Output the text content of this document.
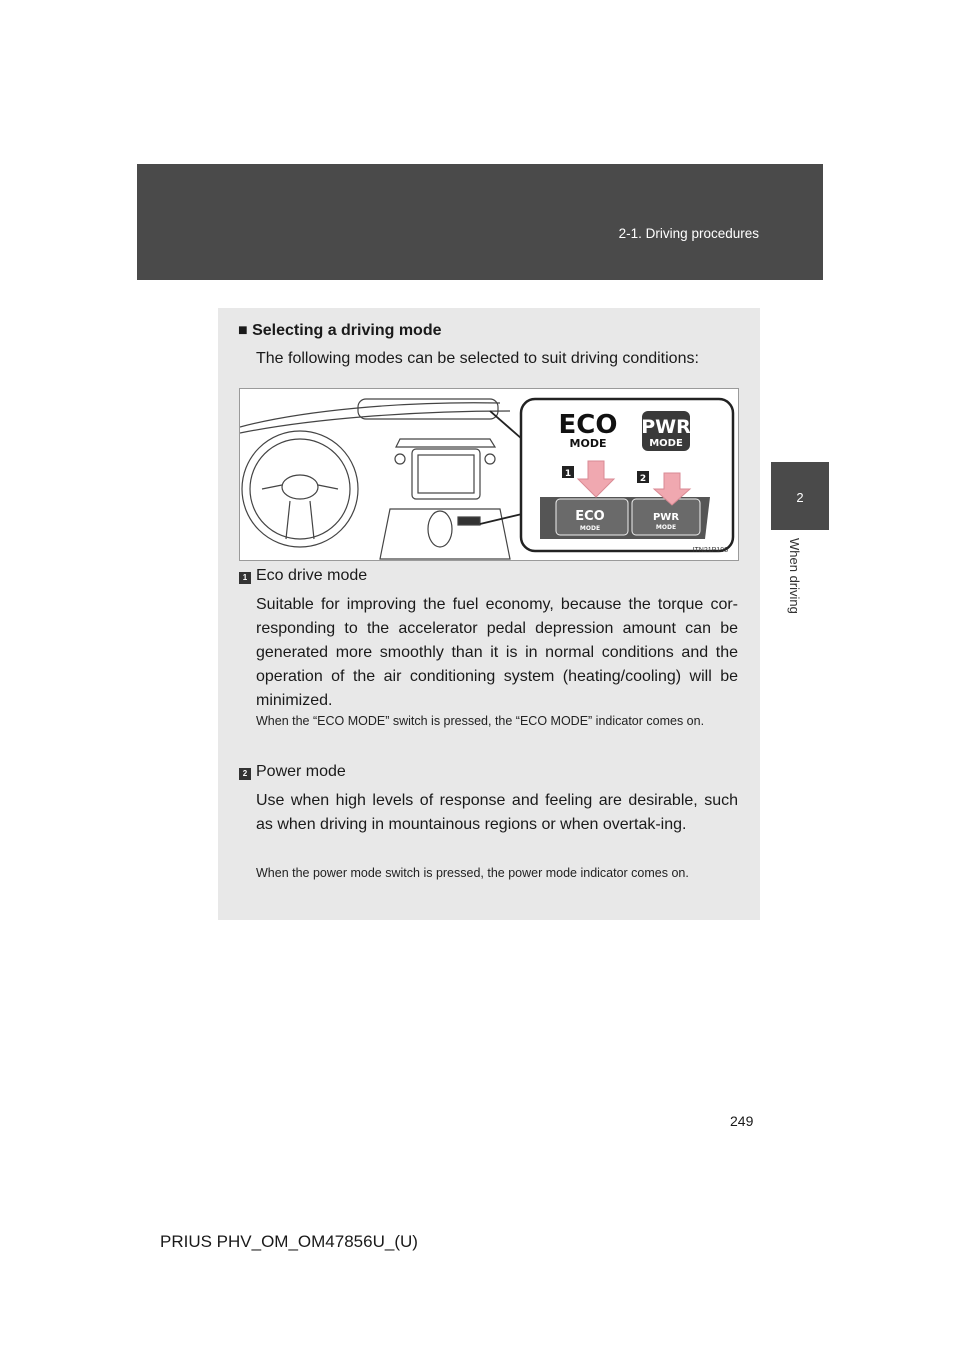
2-1. Driving procedures
2
When driving
■ Selecting a driving mode
The following modes can be selected to suit driving conditions:
ECO
MODE
PWR
MODE
ECO
MODE
PWR
MODE
1	2
ITN21P198
1 Eco drive mode

Suitable for improving the fuel economy, because the torque cor-responding to the accelerator pedal depression amount can be generated more smoothly than it is in normal conditions and the operation of the air conditioning system (heating/cooling) will be minimized.

When the “ECO MODE” switch is pressed, the “ECO MODE” indicator comes on.

2 Power mode

Use when high levels of response and feeling are desirable, such as when driving in mountainous regions or when overtak-ing.

When the power mode switch is pressed, the power mode indicator comes on.

249
PRIUS PHV_OM_OM47856U_(U)
